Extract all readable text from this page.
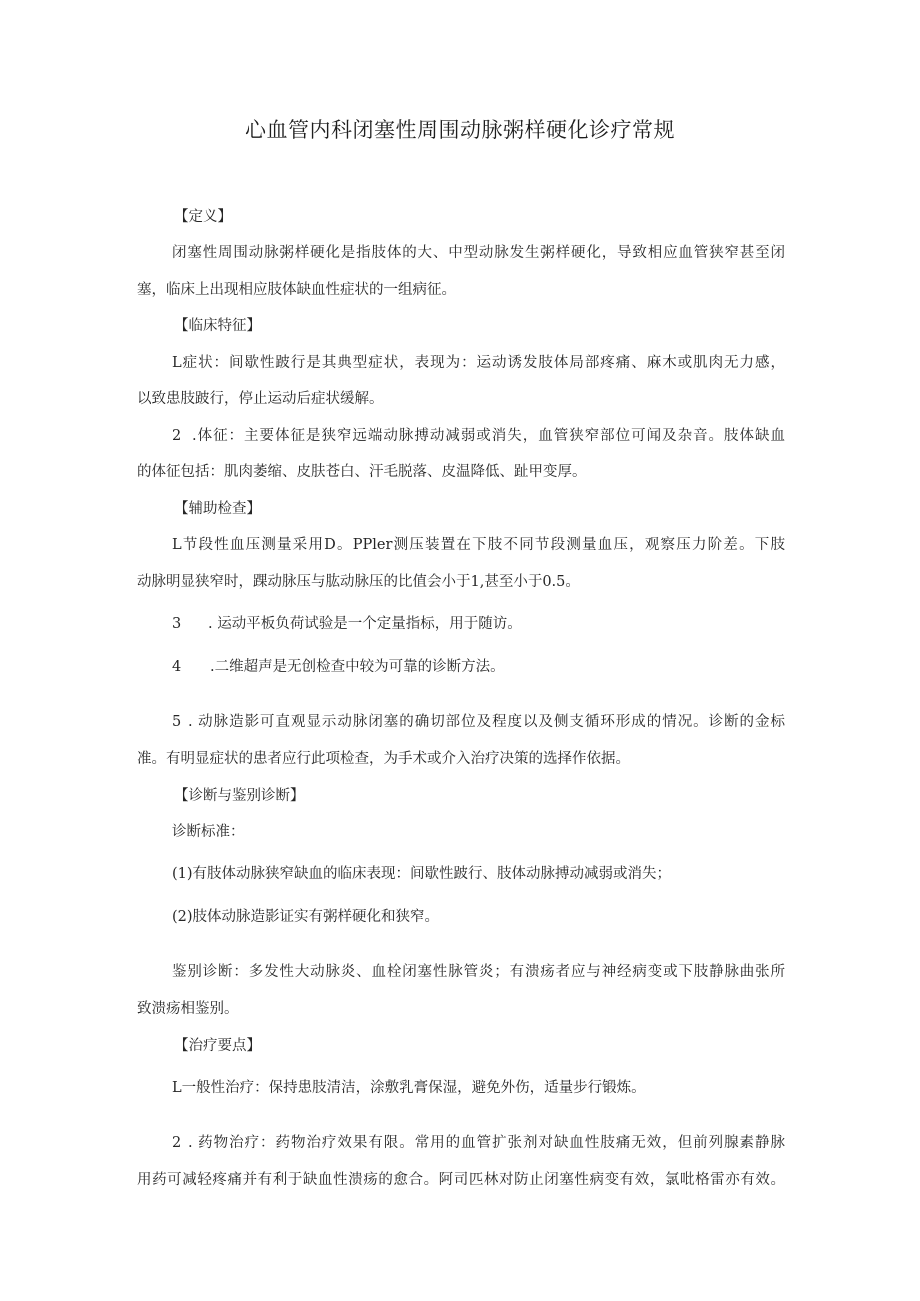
心血管内科闭塞性周围动脉粥样硬化诊疗常规
【定义】
闭塞性周围动脉粥样硬化是指肢体的大、中型动脉发生粥样硬化，导致相应血管狭窄甚至闭
塞，临床上出现相应肢体缺血性症状的一组病征。
【临床特征】
L症状：间歇性跛行是其典型症状，表现为：运动诱发肢体局部疼痛、麻木或肌肉无力感，
以致患肢跛行，停止运动后症状缓解。
2 .体征：主要体征是狭窄远端动脉搏动减弱或消失，血管狭窄部位可闻及杂音。肢体缺血
的体征包括：肌肉萎缩、皮肤苍白、汗毛脱落、皮温降低、趾甲变厚。
【辅助检查】
L节段性血压测量采用D。PPler测压装置在下肢不同节段测量血压，观察压力阶差。下肢
动脉明显狭窄时，踝动脉压与肱动脉压的比值会小于1,甚至小于0.5。
3 . 运动平板负荷试验是一个定量指标，用于随访。
4 .二维超声是无创检查中较为可靠的诊断方法。
5 . 动脉造影可直观显示动脉闭塞的确切部位及程度以及侧支循环形成的情况。诊断的金标
准。有明显症状的患者应行此项检查，为手术或介入治疗决策的选择作依据。
【诊断与鉴别诊断】
诊断标准：
(1)有肢体动脉狭窄缺血的临床表现：间歇性跛行、肢体动脉搏动减弱或消失；
(2)肢体动脉造影证实有粥样硬化和狭窄。
鉴别诊断：多发性大动脉炎、血栓闭塞性脉管炎；有溃疡者应与神经病变或下肢静脉曲张所
致溃疡相鉴别。
【治疗要点】
L一般性治疗：保持患肢清洁，涂敷乳膏保湿，避免外伤，适量步行锻炼。
2 . 药物治疗：药物治疗效果有限。常用的血管扩张剂对缺血性肢痛无效，但前列腺素静脉
用药可减轻疼痛并有利于缺血性溃疡的愈合。阿司匹林对防止闭塞性病变有效，氯吡格雷亦有效。
